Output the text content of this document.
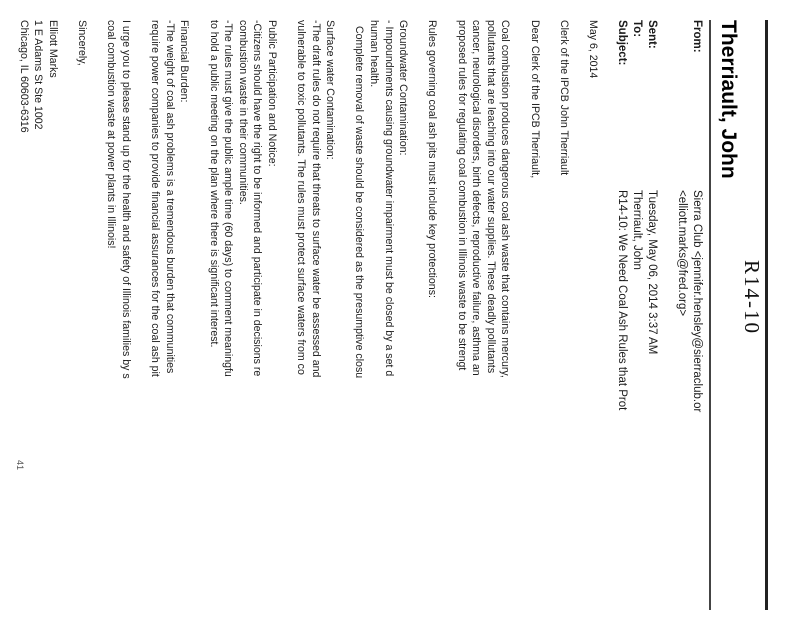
R14-10
Therriault, John
From:
Sierra Club <jennifer.hensley@sierraclub.or
<elliott.marks@fred.org>
Sent:
Tuesday, May 06, 2014 3:37 AM
To:
Therriault, John
Subject:
R14-10: We Need Coal Ash Rules that Prot

May 6, 2014

Clerk of the IPCB John Therriault

Dear Clerk of the IPCB Therriault,

Coal combustion produces dangerous coal ash waste that contains mercury,

pollutants that are leaching into our water supplies. These deadly pollutants

cancer, neurological disorders, birth defects, reproductive failure, asthma an

proposed rules for regulating coal combustion in Illinois waste to be strengt

Rules governing coal ash pits must include key protections:

Groundwater Contamination:

- Impoundments causing groundwater impairment must be closed by a set d

human health.

Complete removal of waste should be considered as the presumptive closu

Surface water Contamination:

-The draft rules do not require that threats to surface water be assessed and

vulnerable to toxic pollutants. The rules must protect surface waters from co

Public Participation and Notice:

-Citizens should have the right to be informed and participate in decisions re

combustion waste in their communities.

-The rules must give the public ample time (60 days) to comment meaningfu

to hold a public meeting on the plan where there is significant interest.

Financial Burden:

-The weight of coal ash problems is a tremendous burden that communities

require power companies to provide financial assurances for the coal ash pit

I urge you to please stand up for the health and safety of Illinois families by s

coal combustion waste at power plants in Illinois!

Sincerely,

Elliott Marks

1 E Adams St Ste 1002

Chicago, IL 60603-6316

41
